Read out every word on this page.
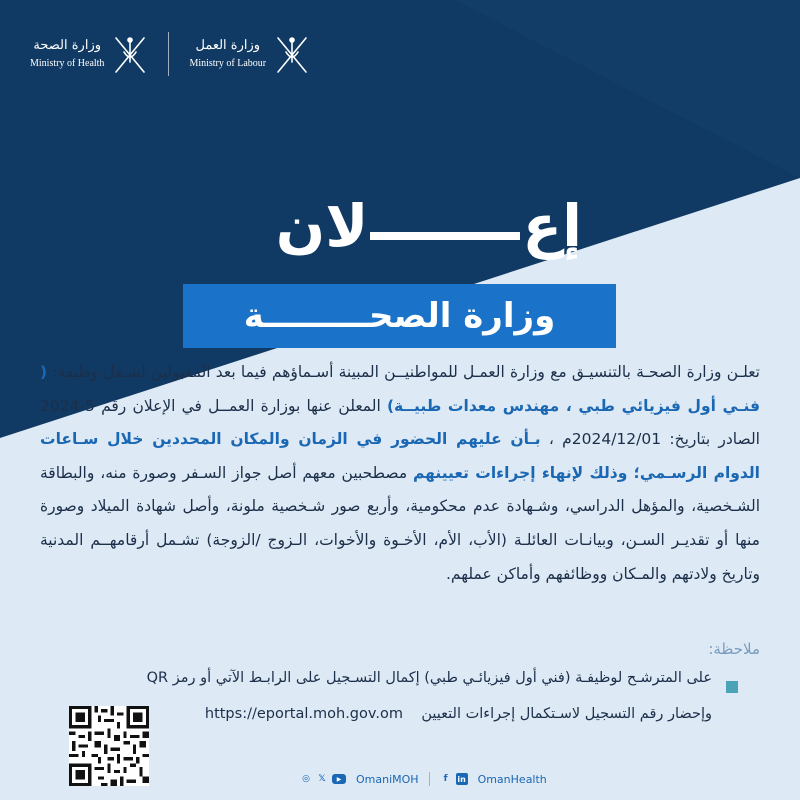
وزارة الصحة
Ministry of Health
وزارة العمل
Ministry of Labour
إعلان
وزارة الصحـــــــــة
تعلـن وزارة الصحـة بالتنسيـق مع وزارة العمـل للمواطنيــن المبينة أسـماؤهم فيما بعد المقبولين لشـغل وظيفة: ( فنـي أول فيزيائي طبي ، مهندس معدات طبيــة) المعلن عنها بوزارة العمــل في الإعلان رقم 5-2024 الصادر بتاريخ: 2024/12/01م ، بـأن عليهم الحضور في الزمان والمكان المحددين خلال سـاعات الدوام الرسـمي؛ وذلك لإنهاء إجراءات تعيينهم مصطحبين معهم أصل جواز السـفر وصورة منه، والبطاقة الشـخصية، والمؤهل الدراسي، وشـهادة عدم محكومية، وأربع صور شـخصية ملونة، وأصل شهادة الميلاد وصورة منها أو تقديـر السـن، وبيانـات العائلـة (الأب، الأم، الأخـوة والأخوات، الـزوج /الزوجة) تشـمل أرقامهــم المدنية وتاريخ ولادتهم والمـكان ووظائفهم وأماكن عملهم.
ملاحظة:
على المترشـح لوظيفـة (فني أول فيزيائـي طبي) إكمال التسـجيل على الرابـط الآتي أو رمز QR
وإحضار رقم التسجيل لاسـتكمال إجراءات التعيين    https://eportal.moh.gov.om
◎ 𝕏	▶	OmaniMOH	f	in OmanHealth
